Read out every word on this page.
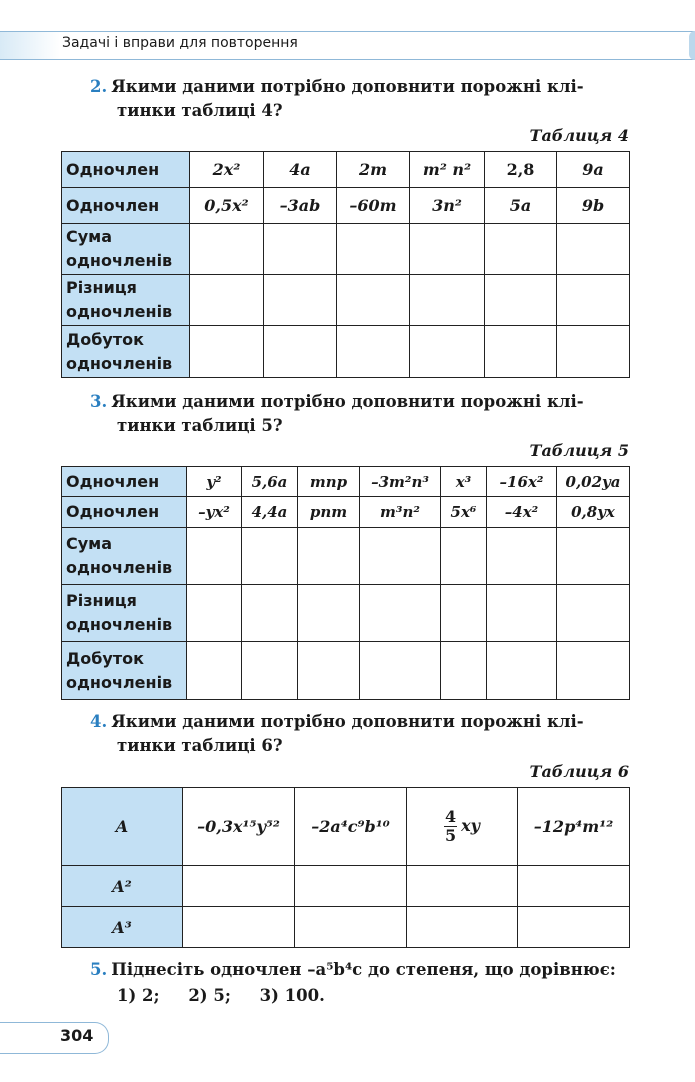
Задачі і вправи для повторення
2. Якими даними потрібно доповнити порожні клі-
тинки таблиці 4?
Таблиця 4
Одночлен	2x²	4a	2m	m² n²	2,8	9a
Одночлен	0,5x²	–3ab	–60m	3n²	5a	9b
Сума одночленів						
Різниця одночленів						
Добуток одночленів						
3. Якими даними потрібно доповнити порожні клі-
тинки таблиці 5?
Таблиця 5
Одночлен	y²	5,6a	mnp	–3m²n³	x³	–16x²	0,02ya
Одночлен	–yx²	4,4a	pnm	m³n²	5x⁶	–4x²	0,8yx
Сума одночленів							
Різниця одночленів							
Добуток одночленів							
4. Якими даними потрібно доповнити порожні клі-
тинки таблиці 6?
Таблиця 6
A	–0,3x¹⁵y⁵²	–2a⁴c⁹b¹⁰	$\frac{4}{5}$ xy	–12p⁴m¹²
A²				
A³				
5. Піднесіть одночлен –a⁵b⁴c до степеня, що дорівнює:
1) 2;     2) 5;     3) 100.
304
